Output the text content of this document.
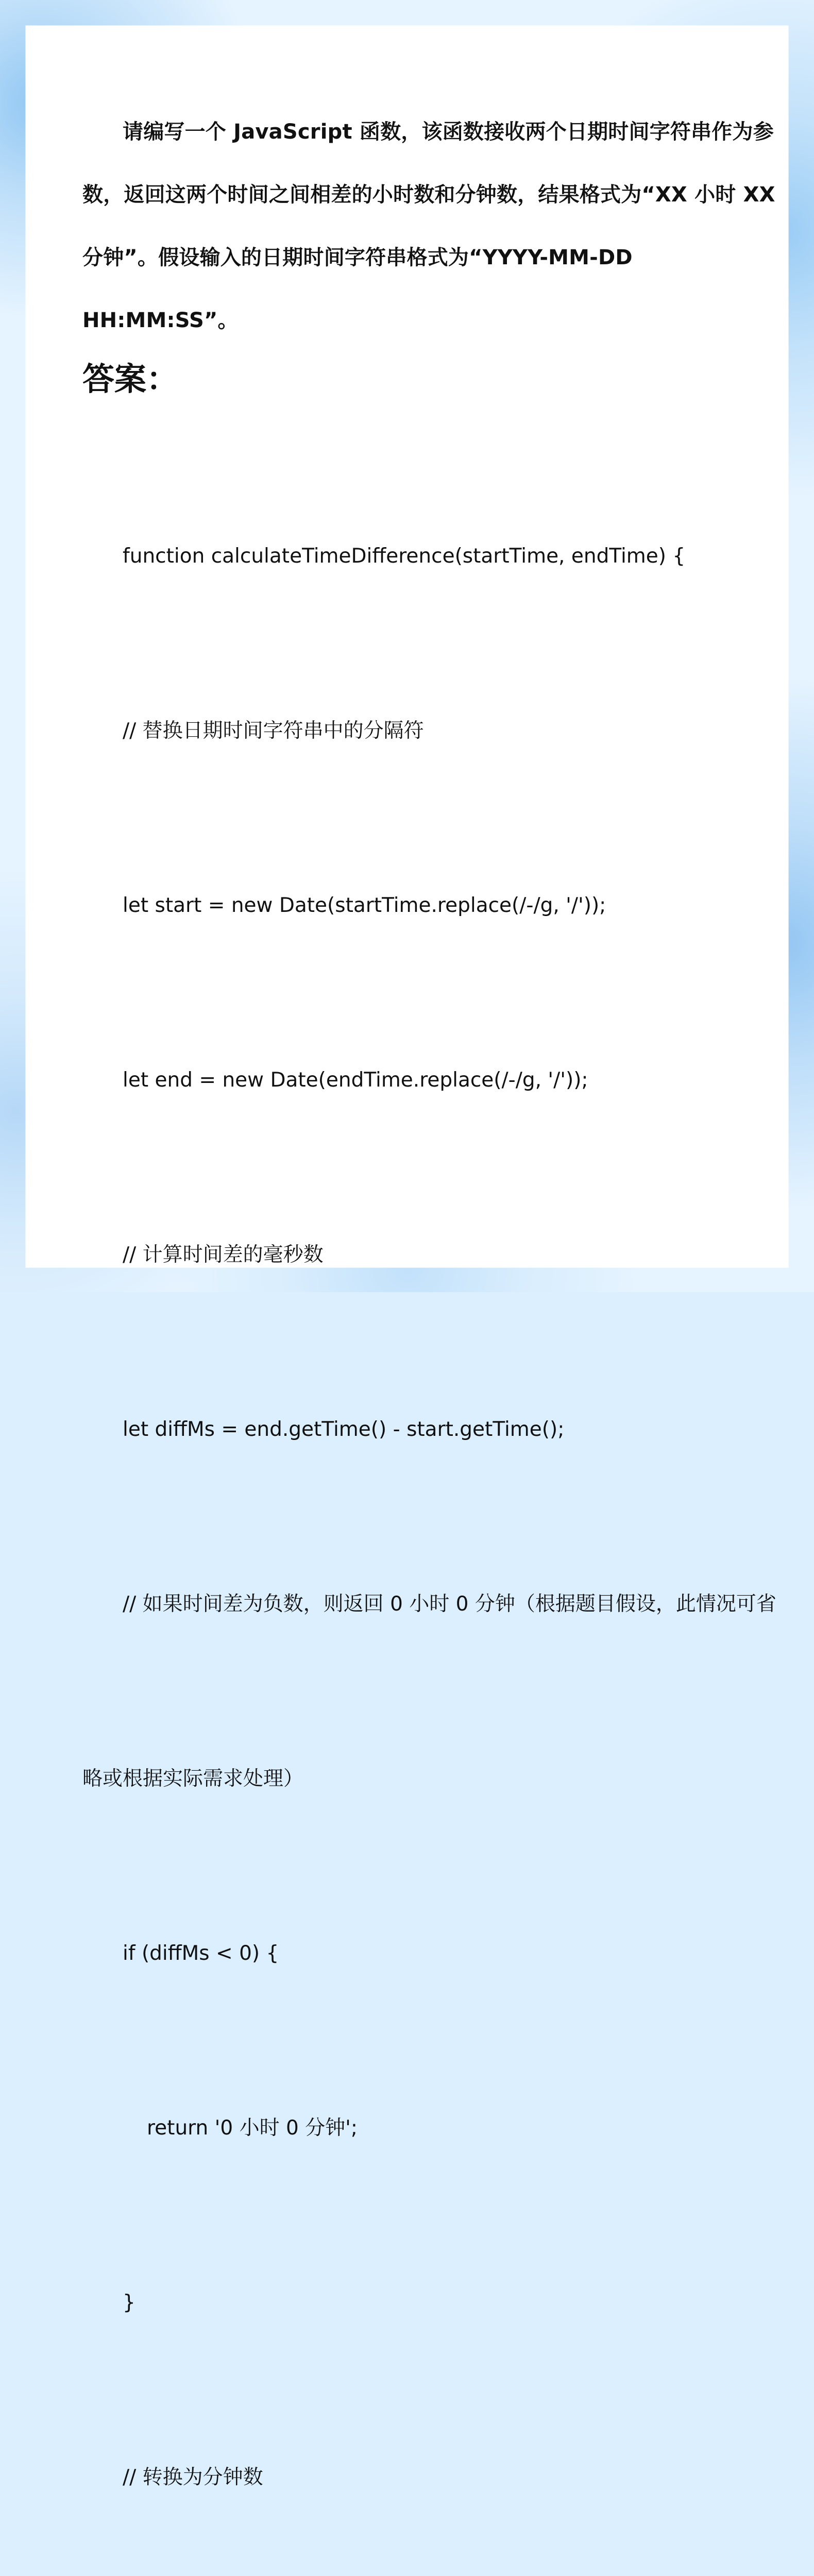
请编写一个 JavaScript 函数，该函数接收两个日期时间字符串作为参数，返回这两个时间之间相差的小时数和分钟数，结果格式为“XX 小时 XX 分钟”。假设输入的日期时间字符串格式为“YYYY-MM-DD HH:MM:SS”。

答案：

function calculateTimeDifference(startTime, endTime) {

// 替换日期时间字符串中的分隔符

let start = new Date(startTime.replace(/-/g, '/'));

let end = new Date(endTime.replace(/-/g, '/'));

// 计算时间差的毫秒数

let diffMs = end.getTime() - start.getTime();

// 如果时间差为负数，则返回 0 小时 0 分钟（根据题目假设，此情况可省

略或根据实际需求处理）

if (diffMs < 0) {

return '0 小时 0 分钟';

}

// 转换为分钟数
